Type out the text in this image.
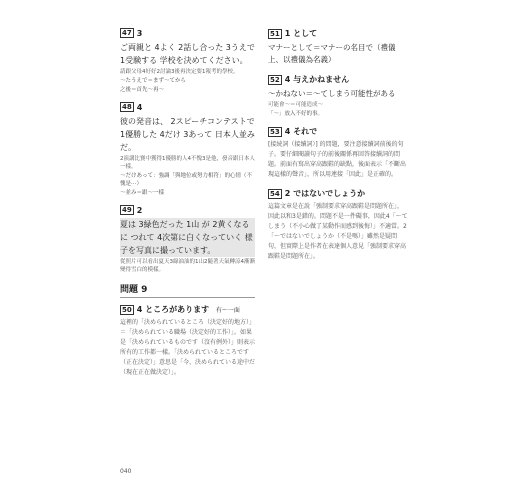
47 3
ご両親と 4よく 2話し合った 3うえで 1受験する 学校を決めてください。
請跟父母4好好2討論3後再決定要1報考的學校。
〜たうえで＝まず〜てから
之後＝首先〜再〜
48 4
彼の発音は、 2スピーチコンテストで 1優勝した 4だけ 3あって 日本人並みだ。
2演講比賽中獲得1優勝的人4不愧3是他，發音跟日本人一樣。
〜だけあって：強調「與地位或努力相符」的心情（不愧是⋯）
〜並み＝跟〜一樣
49 2
夏は 3緑色だった 1山 が 2黄くなるに つれて 4次第に白くなっていく 様子を写真に撮っています。
從照片可以看出夏天3綠油油的1山2隨著天氣轉涼4漸漸變得雪白的模樣。
問題 9
50 4 ところがあります 有〜一面
這裡的「決められているところ（決定好的地方）」＝「決められている職場（決定好的工作）」。如果是「決められているものです（沒有例外）」則表示所有的工作都一樣。「決められているところです（正在決定）」意思是「今、決められている途中だ（現在正在做決定）」。
51 1 として
マナーとして＝マナーの名目で（禮儀上、以禮儀為名義）
52 4 与えかねません
〜かねない＝〜てしまう可能性がある
可能會〜＝可能造成〜
「〜」放入不好的事。
53 4 それで
[接続詞（接續詞）] 的問題，要注意接續詞前後的句子。要仔細閱讀句子的前後關係再回答接續詞的問題。前面有寫出穿高跟鞋的缺點，後面表示「不斷出現這樣的聲音」，所以用連接「因此」是正確的。
54 2 ではないでしょうか
這篇文章是在說「強制要求穿高跟鞋是問題所在」，因此以和3是錯的。問題不是一件礙事，因此4「〜てしまう（不小心做了某動作而感到後悔）」不適當。2「〜ではないでしょうか（不是嗎）」雖然是疑問句，但實際上是作者在表達個人意見「強制要求穿高跟鞋是問題所在」。
040
